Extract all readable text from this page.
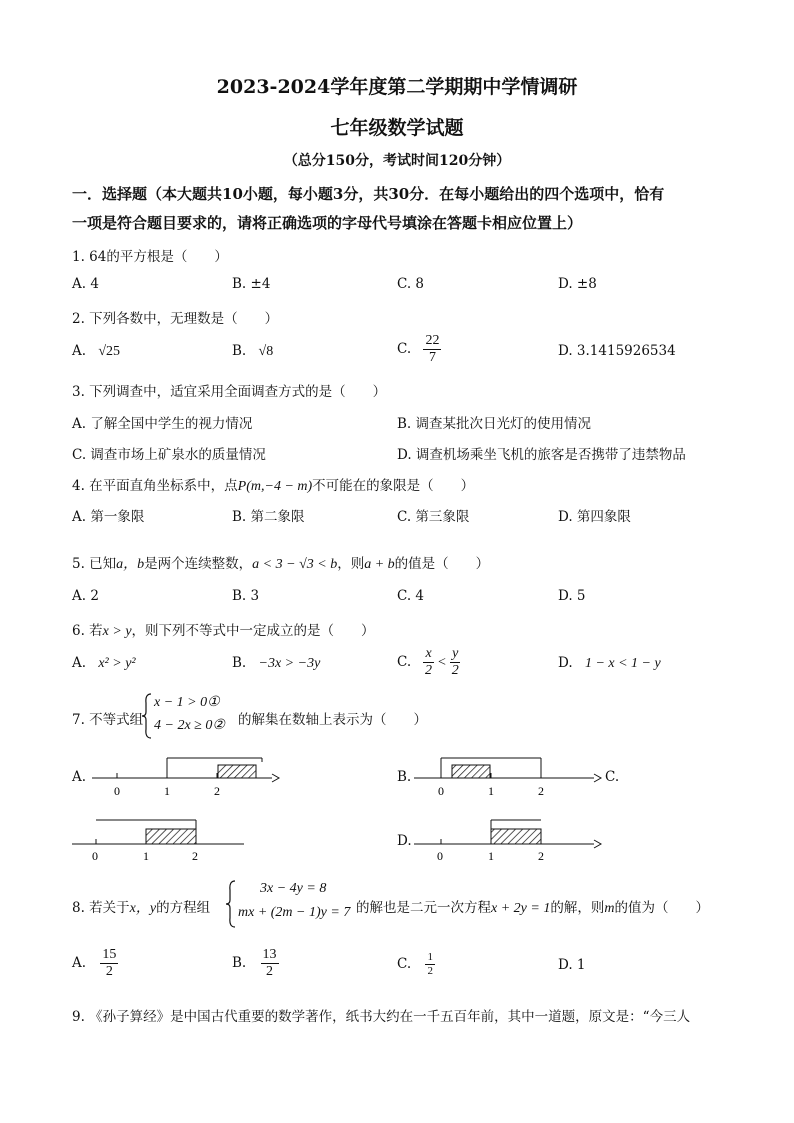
2023-2024学年度第二学期期中学情调研
七年级数学试题
（总分150分，考试时间120分钟）
一．选择题（本大题共10小题，每小题3分，共30分．在每小题给出的四个选项中，恰有
一项是符合题目要求的，请将正确选项的字母代号填涂在答题卡相应位置上）
1. 64的平方根是（　　）
A. 4	B. ±4	C. 8	D. ±8
2. 下列各数中，无理数是（　　）
A. √25	B. √8	C. $\frac{22}{7}$	D. 3.1415926534
3. 下列调查中，适宜采用全面调查方式的是（　　）
A. 了解全国中学生的视力情况	B. 调查某批次日光灯的使用情况
C. 调查市场上矿泉水的质量情况	D. 调查机场乘坐飞机的旅客是否携带了违禁物品
4. 在平面直角坐标系中，点P(m,−4 − m)不可能在的象限是（　　）
A. 第一象限	B. 第二象限	C. 第三象限	D. 第四象限
5. 已知a，b是两个连续整数，a < 3 − √3 < b，则a + b的值是（　　）
A. 2	B. 3	C. 4	D. 5
6. 若x > y，则下列不等式中一定成立的是（　　）
A. x² > y²	B. −3x > −3y	C. $\frac{x}{2} < \frac{y}{2}$	D. 1 − x < 1 − y
7. 不等式组
x − 1 > 0①
4 − 2x ≥ 0② 的解集在数轴上表示为（　　）
A.
0	1	2
B.
0	1	2
C.
0	1	2
D.
0	1	2
8. 若关于x，y的方程组
3x − 4y = 8
mx + (2m − 1)y = 7 的解也是二元一次方程x + 2y = 1的解，则m的值为（　　）
A. $\frac{15}{2}$	B. $\frac{13}{2}$	C. $\frac{1}{2}$	D. 1
9. 《孙子算经》是中国古代重要的数学著作，纸书大约在一千五百年前，其中一道题，原文是：“今三人
